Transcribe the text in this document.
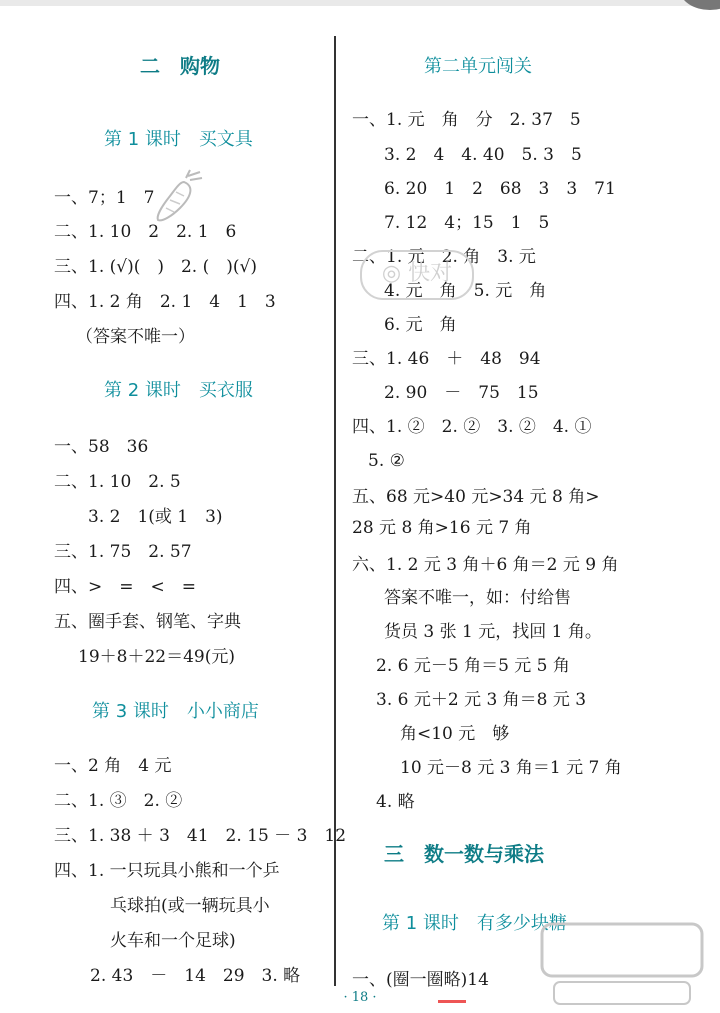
二　购物
第 1 课时　买文具
一、7；1　7
二、1. 10　2　2. 1　6
三、1. (√)(　)　2. (　)(√)
四、1. 2 角　2. 1　4　1　3
（答案不唯一）
第 2 课时　买衣服
一、58　36
二、1. 10　2. 5
3. 2　1(或 1　3)
三、1. 75　2. 57
四、>　=　<　=
五、圈手套、钢笔、字典
19＋8＋22＝49(元)
第 3 课时　小小商店
一、2 角　4 元
二、1. ③　2. ②
三、1. 38 ＋ 3　41　2. 15 － 3　12
四、1. 一只玩具小熊和一个乒
乓球拍(或一辆玩具小
火车和一个足球)
2. 43　－　14　29　3. 略
第二单元闯关
一、1. 元　角　分　2. 37　5
3. 2　4　4. 40　5. 3　5
6. 20　1　2　68　3　3　71
7. 12　4；15　1　5
二、1. 元　2. 角　3. 元
4. 元　角　5. 元　角
6. 元　角
三、1. 46　＋　48　94
2. 90　－　75　15
四、1. ②　2. ②　3. ②　4. ①
5. ②
五、68 元>40 元>34 元 8 角>
28 元 8 角>16 元 7 角
六、1. 2 元 3 角＋6 角＝2 元 9 角
答案不唯一，如：付给售
货员 3 张 1 元，找回 1 角。
2. 6 元－5 角＝5 元 5 角
3. 6 元＋2 元 3 角＝8 元 3
角<10 元　够
10 元－8 元 3 角＝1 元 7 角
4. 略
三　数一数与乘法
第 1 课时　有多少块糖
一、(圈一圈略)14
· 18 ·
◎ 快对
